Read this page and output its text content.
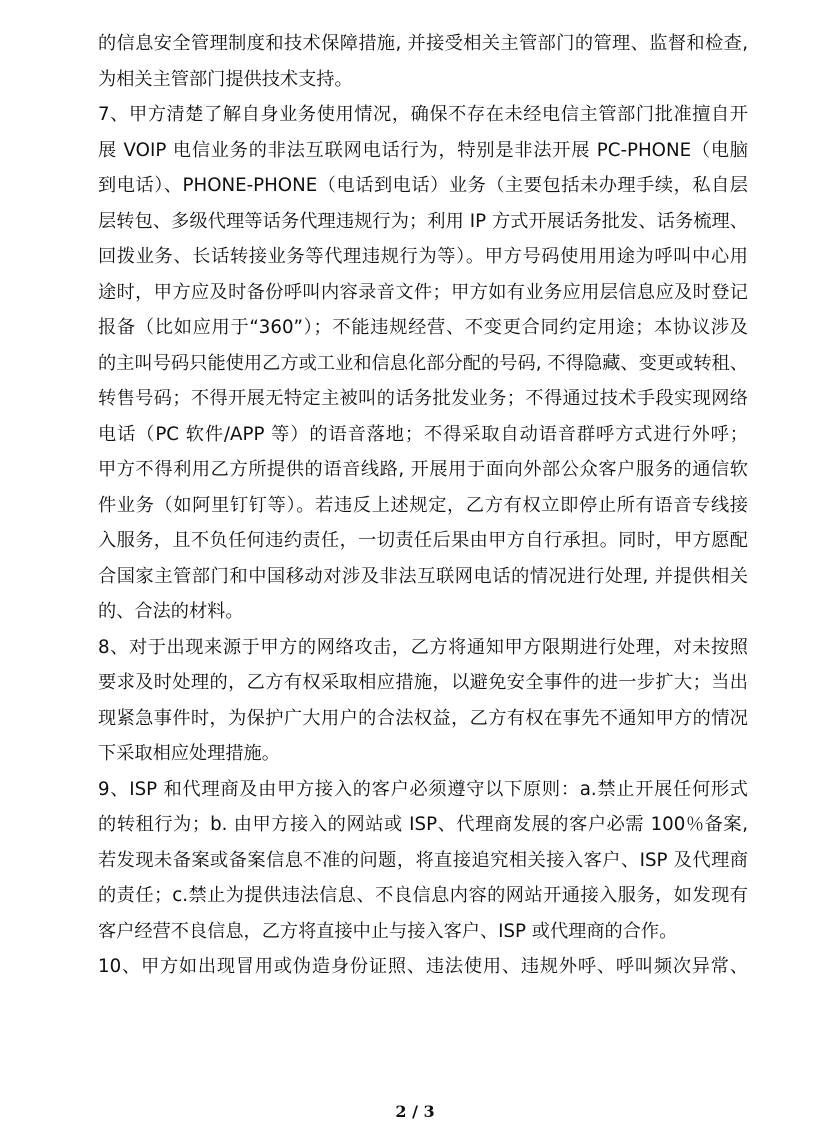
的信息安全管理制度和技术保障措施, 并接受相关主管部门的管理、监督和检查,
为相关主管部门提供技术支持。
7、甲方清楚了解自身业务使用情况，确保不存在未经电信主管部门批准擅自开
展 VOIP 电信业务的非法互联网电话行为，特别是非法开展 PC-PHONE（电脑
到电话）、PHONE-PHONE（电话到电话）业务（主要包括未办理手续，私自层
层转包、多级代理等话务代理违规行为；利用 IP 方式开展话务批发、话务梳理、
回拨业务、长话转接业务等代理违规行为等）。甲方号码使用用途为呼叫中心用
途时，甲方应及时备份呼叫内容录音文件；甲方如有业务应用层信息应及时登记
报备（比如应用于“360”）；不能违规经营、不变更合同约定用途；本协议涉及
的主叫号码只能使用乙方或工业和信息化部分配的号码, 不得隐藏、变更或转租、
转售号码；不得开展无特定主被叫的话务批发业务；不得通过技术手段实现网络
电话（PC 软件/APP 等）的语音落地；不得采取自动语音群呼方式进行外呼；
甲方不得利用乙方所提供的语音线路, 开展用于面向外部公众客户服务的通信软
件业务（如阿里钉钉等）。若违反上述规定，乙方有权立即停止所有语音专线接
入服务，且不负任何违约责任，一切责任后果由甲方自行承担。同时，甲方愿配
合国家主管部门和中国移动对涉及非法互联网电话的情况进行处理, 并提供相关
的、合法的材料。
8、对于出现来源于甲方的网络攻击，乙方将通知甲方限期进行处理，对未按照
要求及时处理的，乙方有权采取相应措施，以避免安全事件的进一步扩大；当出
现紧急事件时，为保护广大用户的合法权益，乙方有权在事先不通知甲方的情况
下采取相应处理措施。
9、ISP 和代理商及由甲方接入的客户必须遵守以下原则：a.禁止开展任何形式
的转租行为；b. 由甲方接入的网站或 ISP、代理商发展的客户必需 100％备案,
若发现未备案或备案信息不准的问题，将直接追究相关接入客户、ISP 及代理商
的责任；c.禁止为提供违法信息、不良信息内容的网站开通接入服务，如发现有
客户经营不良信息，乙方将直接中止与接入客户、ISP 或代理商的合作。
10、甲方如出现冒用或伪造身份证照、违法使用、违规外呼、呼叫频次异常、
2 / 3
